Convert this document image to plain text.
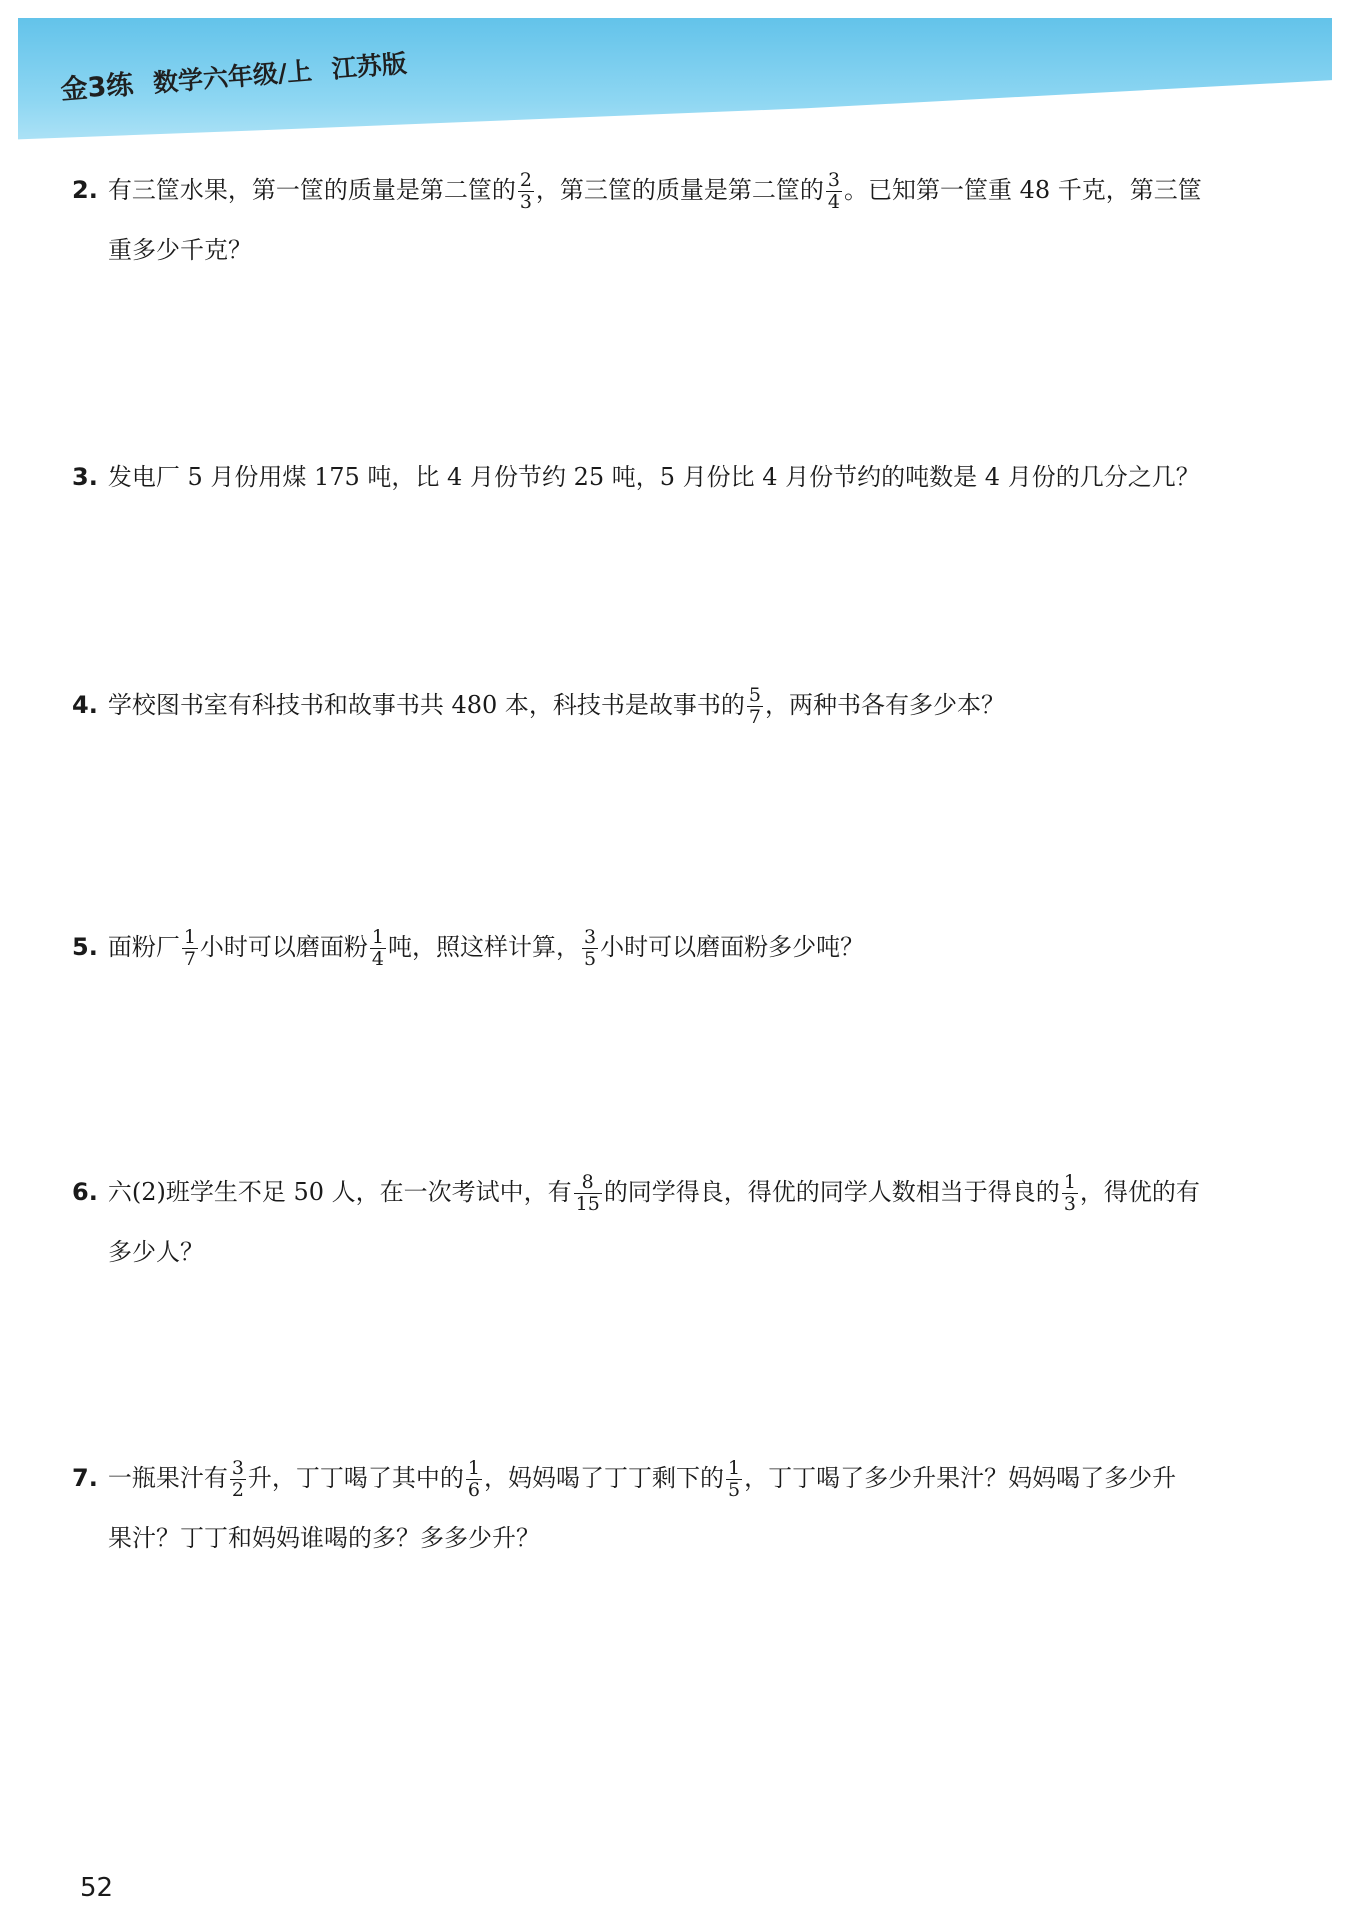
金3练 数学六年级/上 江苏版
2. 有三筐水果，第一筐的质量是第二筐的 $\frac{2}{3}$ ，第三筐的质量是第二筐的 $\frac{3}{4}$ 。已知第一筐重 48 千克，第三筐
重多少千克？
3. 发电厂 5 月份用煤 175 吨，比 4 月份节约 25 吨，5 月份比 4 月份节约的吨数是 4 月份的几分之几？
4. 学校图书室有科技书和故事书共 480 本，科技书是故事书的 $\frac{5}{7}$ ，两种书各有多少本？
5. 面粉厂 $\frac{1}{7}$ 小时可以磨面粉 $\frac{1}{4}$ 吨，照这样计算， $\frac{3}{5}$ 小时可以磨面粉多少吨？
6. 六(2)班学生不足 50 人，在一次考试中，有 $\frac{8}{15}$ 的同学得良，得优的同学人数相当于得良的 $\frac{1}{3}$ ，得优的有
多少人？
7. 一瓶果汁有 $\frac{3}{2}$ 升，丁丁喝了其中的 $\frac{1}{6}$ ，妈妈喝了丁丁剩下的 $\frac{1}{5}$ ，丁丁喝了多少升果汁？妈妈喝了多少升
果汁？丁丁和妈妈谁喝的多？多多少升？
52
